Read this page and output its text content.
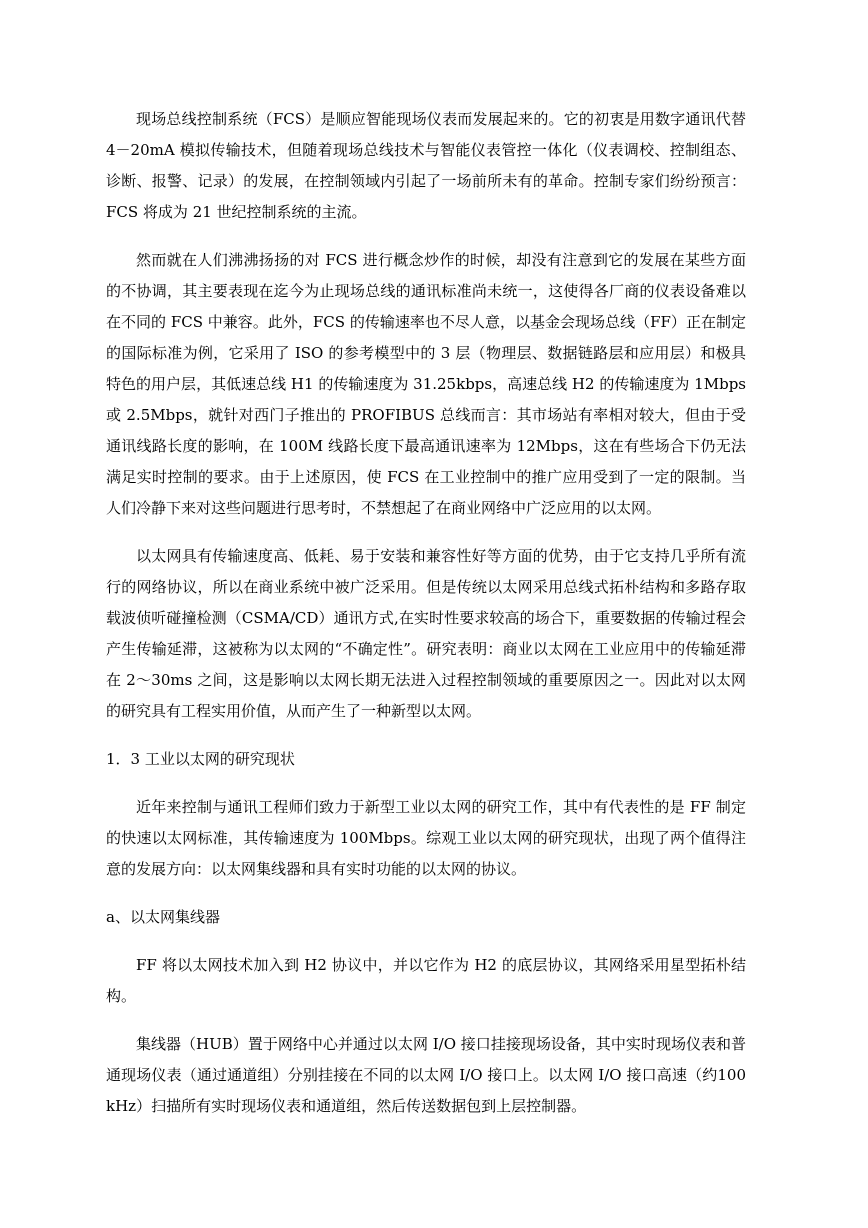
现场总线控制系统（FCS）是顺应智能现场仪表而发展起来的。它的初衷是用数字通讯代替4－20mA 模拟传输技术，但随着现场总线技术与智能仪表管控一体化（仪表调校、控制组态、诊断、报警、记录）的发展，在控制领域内引起了一场前所未有的革命。控制专家们纷纷预言：FCS 将成为 21 世纪控制系统的主流。

然而就在人们沸沸扬扬的对 FCS 进行概念炒作的时候，却没有注意到它的发展在某些方面的不协调，其主要表现在迄今为止现场总线的通讯标准尚未统一，这使得各厂商的仪表设备难以在不同的 FCS 中兼容。此外，FCS 的传输速率也不尽人意，以基金会现场总线（FF）正在制定的国际标准为例，它采用了 ISO 的参考模型中的 3 层（物理层、数据链路层和应用层）和极具特色的用户层，其低速总线 H1 的传输速度为 31.25kbps，高速总线 H2 的传输速度为 1Mbps 或 2.5Mbps，就针对西门子推出的 PROFIBUS 总线而言：其市场站有率相对较大，但由于受通讯线路长度的影响，在 100M 线路长度下最高通讯速率为 12Mbps，这在有些场合下仍无法满足实时控制的要求。由于上述原因，使 FCS 在工业控制中的推广应用受到了一定的限制。当人们冷静下来对这些问题进行思考时，不禁想起了在商业网络中广泛应用的以太网。

以太网具有传输速度高、低耗、易于安装和兼容性好等方面的优势，由于它支持几乎所有流行的网络协议，所以在商业系统中被广泛采用。但是传统以太网采用总线式拓朴结构和多路存取载波侦听碰撞检测（CSMA/CD）通讯方式,在实时性要求较高的场合下，重要数据的传输过程会产生传输延滞，这被称为以太网的“不确定性”。研究表明：商业以太网在工业应用中的传输延滞在 2～30ms 之间，这是影响以太网长期无法进入过程控制领域的重要原因之一。因此对以太网的研究具有工程实用价值，从而产生了一种新型以太网。

1．3 工业以太网的研究现状

近年来控制与通讯工程师们致力于新型工业以太网的研究工作，其中有代表性的是 FF 制定的快速以太网标准，其传输速度为 100Mbps。综观工业以太网的研究现状，出现了两个值得注意的发展方向：以太网集线器和具有实时功能的以太网的协议。

a、以太网集线器

FF 将以太网技术加入到 H2 协议中，并以它作为 H2 的底层协议，其网络采用星型拓朴结构。

集线器（HUB）置于网络中心并通过以太网 I/O 接口挂接现场设备，其中实时现场仪表和普通现场仪表（通过通道组）分别挂接在不同的以太网 I/O 接口上。以太网 I/O 接口高速（约100 kHz）扫描所有实时现场仪表和通道组，然后传送数据包到上层控制器。
